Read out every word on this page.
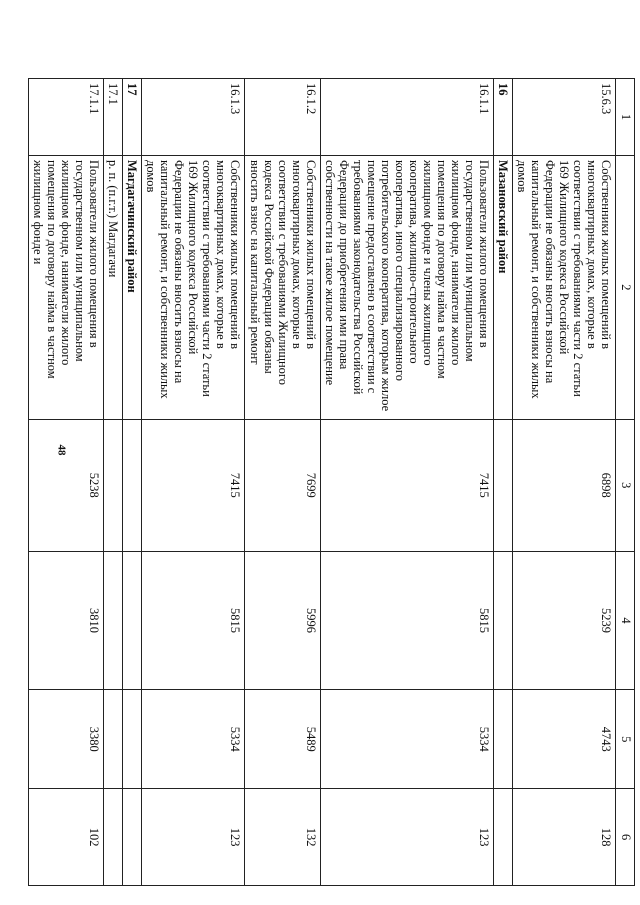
48
1	2	3	4	5	6
15.6.3	Собственники жилых помещений в многоквартирных домах, которые в соответствии с требованиями части 2 статьи 169 Жилищного кодекса Российской Федерации не обязаны вносить взносы на капитальный ремонт, и собственники жилых домов	6898	5239	4743	128
16	Мазановский район				
16.1.1	Пользователи жилого помещения в государственном или муниципальном жилищном фонде, наниматели жилого помещения по договору найма в частном жилищном фонде и члены жилищного кооператива, жилищно-строительного кооператива, иного специализированного потребительского кооператива, которым жилое помещение предоставлено в соответствии с требованиями законодательства Российской Федерации до приобретения ими права собственности на такое жилое помещение	7415	5815	5334	123
16.1.2	Собственники жилых помещений в многоквартирных домах, которые в соответствии с требованиями Жилищного кодекса Российской Федерации обязаны вносить взнос на капитальный ремонт	7699	5996	5489	132
16.1.3	Собственники жилых помещений в многоквартирных домах, которые в соответствии с требованиями части 2 статьи 169 Жилищного кодекса Российской Федерации не обязаны вносить взносы на капитальный ремонт, и собственники жилых домов	7415	5815	5334	123
17	Магдагачинский район				
17.1	р. п. (п.г.т.) Магдагачи				
17.1.1	Пользователи жилого помещения в государственном или муниципальном жилищном фонде, наниматели жилого помещения по договору найма в частном жилищном фонде и	5238	3810	3380	102
